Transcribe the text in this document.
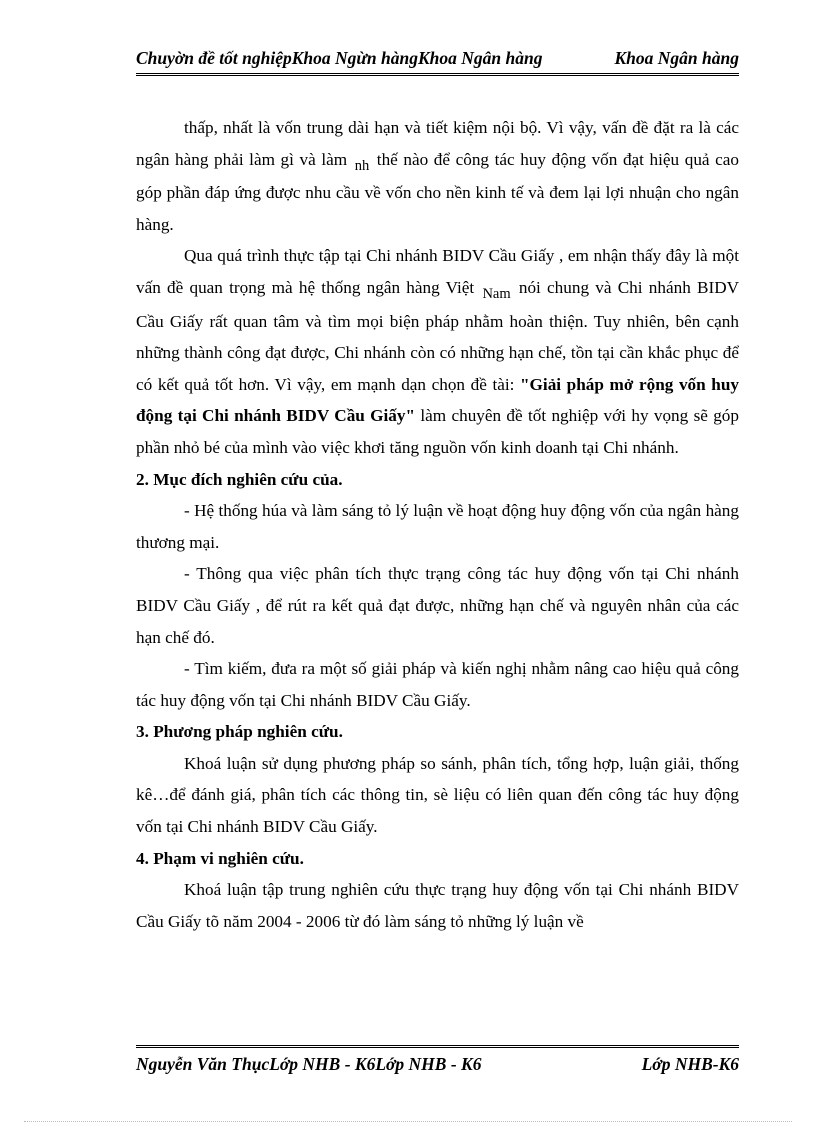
Chuyờn đề tốt nghiệpKhoa Ngừn hàngKhoa Ngân hàng	Khoa Ngân hàng

thấp, nhất là vốn trung dài hạn và tiết kiệm nội bộ. Vì vậy, vấn đề đặt ra là các ngân hàng phải làm gì và làm $_{nh}$ thế nào để công tác huy động vốn đạt hiệu quả cao góp phần đáp ứng được nhu cầu về vốn cho nền kinh tế và đem lại lợi nhuận cho ngân hàng.

Qua quá trình thực tập tại Chi nhánh BIDV Cầu Giấy , em nhận thấy đây là một vấn đề quan trọng mà hệ thống ngân hàng Việt $_{Nam}$ nói chung và Chi nhánh BIDV Cầu Giấy rất quan tâm và tìm mọi biện pháp nhằm hoàn thiện. Tuy nhiên, bên cạnh những thành công đạt được, Chi nhánh còn có những hạn chế, tồn tại cần khắc phục để có kết quả tốt hơn. Vì vậy, em mạnh dạn chọn đề tài: "Giải pháp mở rộng vốn huy động tại Chi nhánh BIDV Cầu Giấy" làm chuyên đề tốt nghiệp với hy vọng sẽ góp phần nhỏ bé của mình vào việc khơi tăng nguồn vốn kinh doanh tại Chi nhánh.

2. Mục đích nghiên cứu của.

- Hệ thống húa và làm sáng tỏ lý luận về hoạt động huy động vốn của ngân hàng thương mại.

- Thông qua việc phân tích thực trạng công tác huy động vốn tại Chi nhánh BIDV Cầu Giấy , để rút ra kết quả đạt được, những hạn chế và nguyên nhân của các hạn chế đó.

- Tìm kiếm, đưa ra một số giải pháp và kiến nghị nhằm nâng cao hiệu quả công tác huy động vốn tại Chi nhánh BIDV Cầu Giấy.

3. Phương pháp nghiên cứu.

Khoá luận sử dụng phương pháp so sánh, phân tích, tổng hợp, luận giải, thống kê…để đánh giá, phân tích các thông tin, sè liệu có liên quan đến công tác huy động vốn tại Chi nhánh BIDV Cầu Giấy.

4. Phạm vi nghiên cứu.

Khoá luận tập trung nghiên cứu thực trạng huy động vốn tại Chi nhánh BIDV Cầu Giấy tõ năm 2004 - 2006 từ đó làm sáng tỏ những lý luận về

Nguyễn Văn ThụcLớp NHB - K6Lớp NHB - K6	Lớp NHB-K6
